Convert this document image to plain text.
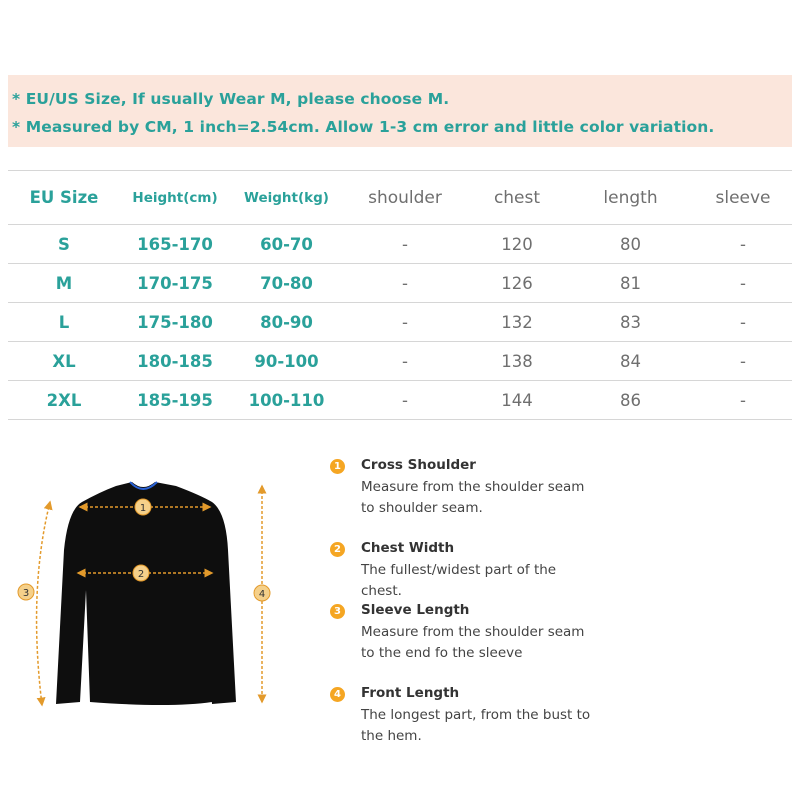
* EU/US Size, If usually Wear M, please choose M.
* Measured by CM, 1 inch=2.54cm. Allow 1-3 cm error and little color variation.
EU Size	Height(cm)	Weight(kg)	shoulder	chest	length	sleeve
S	165-170	60-70	-	120	80	-
M	170-175	70-80	-	126	81	-
L	175-180	80-90	-	132	83	-
XL	180-185	90-100	-	138	84	-
2XL	185-195	100-110	-	144	86	-
1
2
3	4
1 Cross Shoulder
Measure from the shoulder seam to shoulder seam.
2 Chest Width
The fullest/widest part of the chest.
3 Sleeve Length
Measure from the shoulder seam to the end fo the sleeve
4 Front Length
The longest part, from the bust to the hem.
